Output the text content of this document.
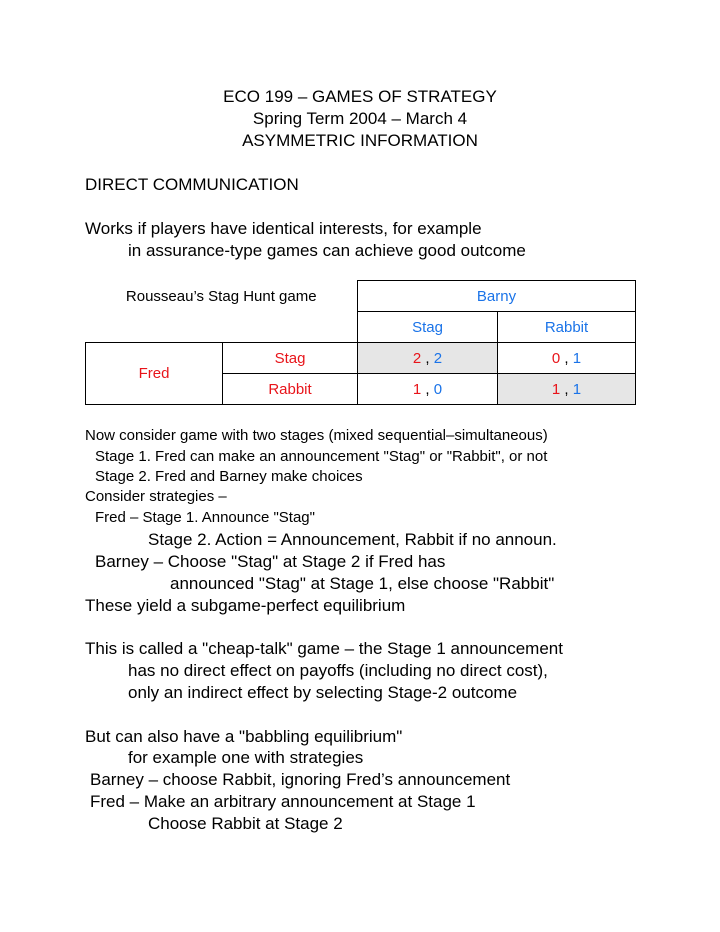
ECO 199 – GAMES OF STRATEGY
Spring Term 2004 – March 4
ASYMMETRIC INFORMATION
DIRECT COMMUNICATION
Works if players have identical interests, for example
in assurance-type games can achieve good outcome
Rousseau’s Stag Hunt game		Barny	
		Stag	Rabbit
Fred	Stag	2 , 2	0 , 1
	Rabbit	1 , 0	1 , 1
Now consider game with two stages (mixed sequential–simultaneous)
Stage 1. Fred can make an announcement "Stag" or "Rabbit", or not
Stage 2. Fred and Barney make choices
Consider strategies –
Fred – Stage 1. Announce "Stag"
Stage 2. Action = Announcement, Rabbit if no announ.
Barney – Choose "Stag" at Stage 2 if Fred has
announced "Stag" at Stage 1, else choose "Rabbit"
These yield a subgame-perfect equilibrium
This is called a "cheap-talk" game – the Stage 1 announcement
has no direct effect on payoffs (including no direct cost),
only an indirect effect by selecting Stage-2 outcome
But can also have a "babbling equilibrium"
for example one with strategies
Barney – choose Rabbit, ignoring Fred’s announcement
Fred – Make an arbitrary announcement at Stage 1
Choose Rabbit at Stage 2
